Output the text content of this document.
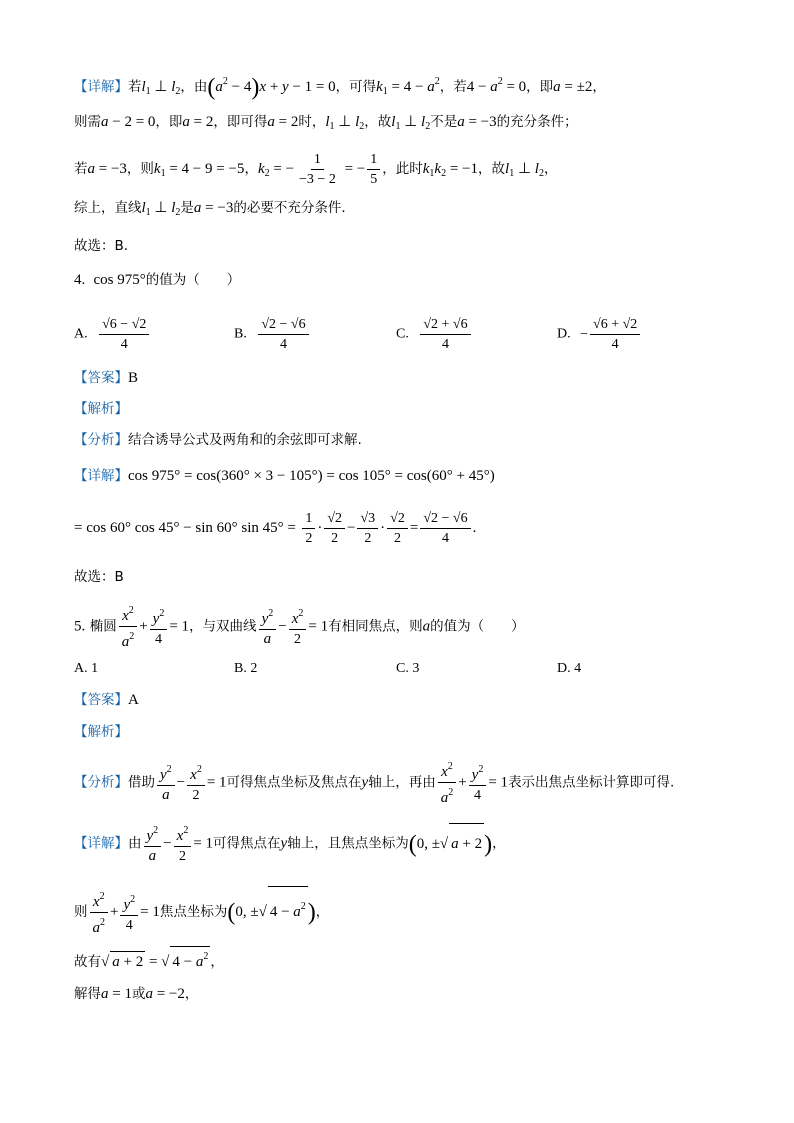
【详解】若$l_1$ ⊥ $l_2$，由$(a^2 - 4)x + y - 1 = 0$，可得$k_1 = 4 - a^2$，若$4 - a^2 = 0$，即a = ±2，
则需a − 2 = 0，即a = 2，即可得a = 2时，$l_1$ ⊥ $l_2$，故$l_1$ ⊥ $l_2$不是a = −3的充分条件；
若a = −3，则$k_1 = 4 - 9 = -5$，$k_2$ = − $\frac{1}{-3 - 2}$ = − $\frac{1}{5}$ ，此时$k_1k_2 = -1$，故$l_1$ ⊥ $l_2$，
综上，直线$l_1$ ⊥ $l_2$是a = −3的必要不充分条件.
故选：B.
4.  cos 975°的值为（　　）
A. $\frac{√6 - √2}{4}$	B. $\frac{√2 - √6}{4}$	C. $\frac{√2 + √6}{4}$	D. − $\frac{√6 + √2}{4}$
【答案】B
【解析】
【分析】结合诱导公式及两角和的余弦即可求解.
【详解】cos 975° = cos(360° × 3 − 105°) = cos 105° = cos(60° + 45°)
= cos 60° cos 45° − sin 60° $\sin 45^\circ = \frac{1}{2} \cdot \frac{√2}{2} - \frac{√3}{2} \cdot \frac{√2}{2} = \frac{√2 - √6}{4}$ .
故选：B
5. 椭圆 $\frac{x^2}{a^2} + \frac{y^2}{4} = 1$，与双曲线 $\frac{y^2}{a} - \frac{x^2}{2} = 1$有相同焦点，则a的值为（　　）
A. 1	B. 2	C. 3	D. 4
【答案】A
【解析】
【分析】借助 $\frac{y^2}{a} - \frac{x^2}{2} = 1$可得焦点坐标及焦点在y轴上，再由 $\frac{x^2}{a^2} + \frac{y^2}{4} = 1$表示出焦点坐标计算即可得.
【详解】由 $\frac{y^2}{a} - \frac{x^2}{2} = 1$可得焦点在y轴上，且焦点坐标为(0, ±√ a + 2)，
则 $\frac{x^2}{a^2} + \frac{y^2}{4} = 1$焦点坐标为(0, ±√ $4 - a^2$)，
故有√ a + 2 = √ $4 - a^2$ ，
解得a = 1或a = −2，
